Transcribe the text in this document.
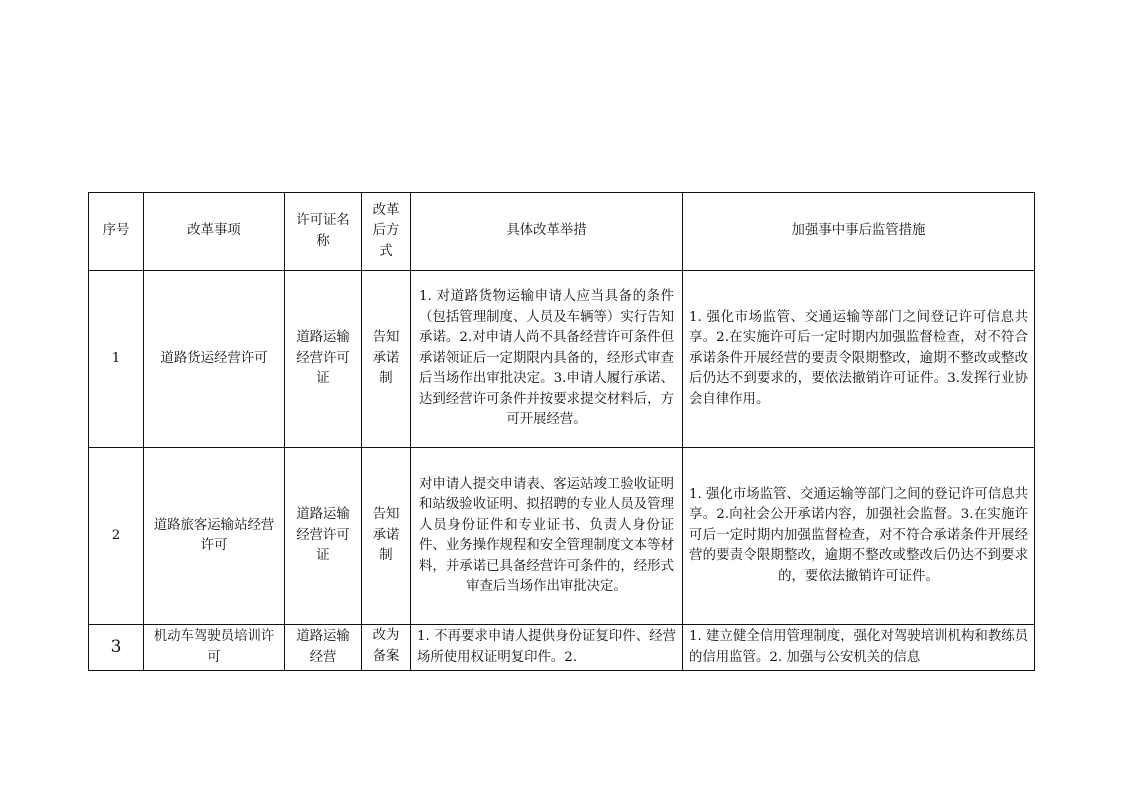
序号	改革事项	许可证名称	改革后方式	具体改革举措	加强事中事后监管措施
1	道路货运经营许可	道路运输经营许可证	告知承诺制	1. 对道路货物运输申请人应当具备的条件（包括管理制度、人员及车辆等）实行告知承诺。2.对申请人尚不具备经营许可条件但承诺领证后一定期限内具备的，经形式审查后当场作出审批决定。3.申请人履行承诺、达到经营许可条件并按要求提交材料后，方可开展经营。	1. 强化市场监管、交通运输等部门之间登记许可信息共享。2.在实施许可后一定时期内加强监督检查，对不符合承诺条件开展经营的要责令限期整改，逾期不整改或整改后仍达不到要求的，要依法撤销许可证件。3.发挥行业协会自律作用。
2	道路旅客运输站经营许可	道路运输经营许可证	告知承诺制	对申请人提交申请表、客运站竣工验收证明和站级验收证明、拟招聘的专业人员及管理人员身份证件和专业证书、负责人身份证件、业务操作规程和安全管理制度文本等材料，并承诺已具备经营许可条件的，经形式审查后当场作出审批决定。	1. 强化市场监管、交通运输等部门之间的登记许可信息共享。2.向社会公开承诺内容，加强社会监督。3.在实施许可后一定时期内加强监督检查，对不符合承诺条件开展经营的要责令限期整改，逾期不整改或整改后仍达不到要求的，要依法撤销许可证件。
3	机动车驾驶员培训许可	道路运输经营	改为备案	1. 不再要求申请人提供身份证复印件、经营场所使用权证明复印件。2.	1. 建立健全信用管理制度，强化对驾驶培训机构和教练员的信用监管。2. 加强与公安机关的信息
